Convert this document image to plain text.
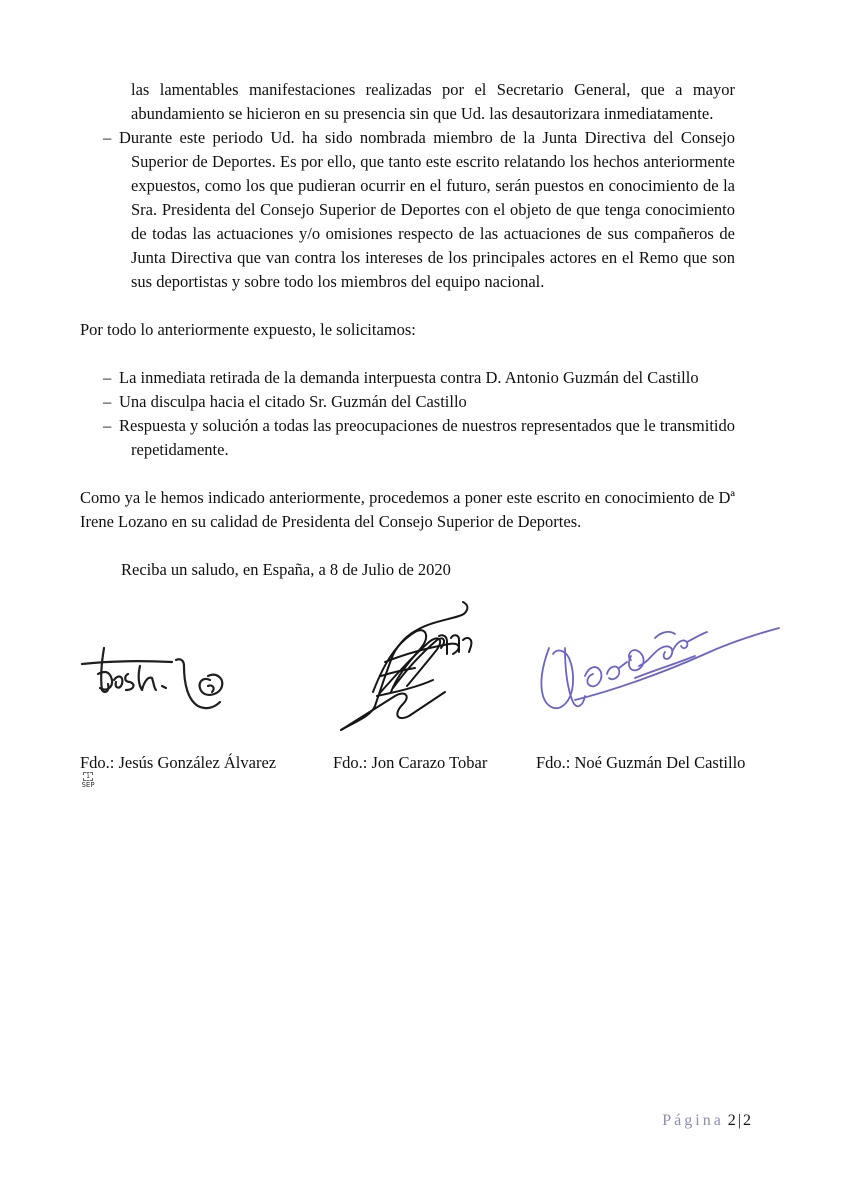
las lamentables manifestaciones realizadas por el Secretario General, que a mayor abundamiento se hicieron en su presencia sin que Ud. las desautorizara inmediatamente.

– Durante este periodo Ud. ha sido nombrada miembro de la Junta Directiva del Consejo Superior de Deportes. Es por ello, que tanto este escrito relatando los hechos anteriormente expuestos, como los que pudieran ocurrir en el futuro, serán puestos en conocimiento de la Sra. Presidenta del Consejo Superior de Deportes con el objeto de que tenga conocimiento de todas las actuaciones y/o omisiones respecto de las actuaciones de sus compañeros de Junta Directiva que van contra los intereses de los principales actores en el Remo que son sus deportistas y sobre todo los miembros del equipo nacional.

Por todo lo anteriormente expuesto, le solicitamos:

– La inmediata retirada de la demanda interpuesta contra D. Antonio Guzmán del Castillo
– Una disculpa hacia el citado Sr. Guzmán del Castillo
– Respuesta y solución a todas las preocupaciones de nuestros representados que le transmitido repetidamente.

Como ya le hemos indicado anteriormente, procedemos a poner este escrito en conocimiento de Dª Irene Lozano en su calidad de Presidenta del Consejo Superior de Deportes.

Reciba un saludo, en España, a 8 de Julio de 2020

Fdo.: Jesús González Álvarez	Fdo.: Jon Carazo Tobar	Fdo.: Noé Guzmán Del Castillo
1
SEP
Página 2 | 2
